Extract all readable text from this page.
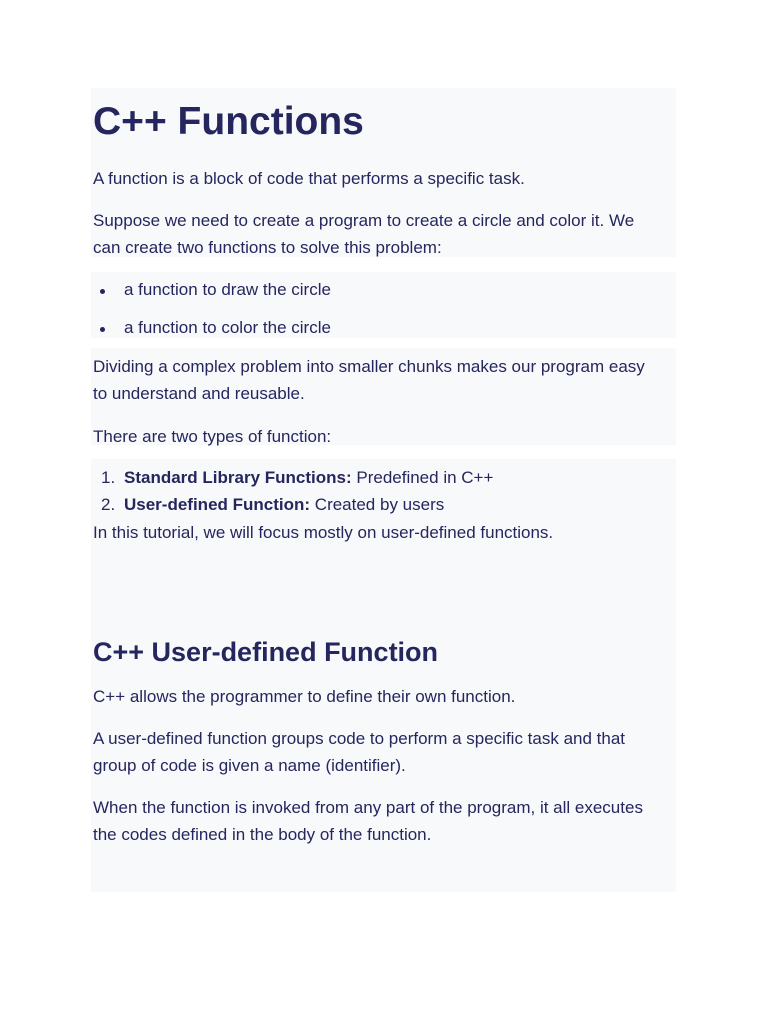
C++ Functions

A function is a block of code that performs a specific task.

Suppose we need to create a program to create a circle and color it. We

can create two functions to solve this problem:

a function to draw the circle
a function to color the circle

Dividing a complex problem into smaller chunks makes our program easy

to understand and reusable.

There are two types of function:

1. Standard Library Functions: Predefined in C++
2. User-defined Function: Created by users

In this tutorial, we will focus mostly on user-defined functions.

C++ User-defined Function

C++ allows the programmer to define their own function.

A user-defined function groups code to perform a specific task and that

group of code is given a name (identifier).

When the function is invoked from any part of the program, it all executes

the codes defined in the body of the function.
